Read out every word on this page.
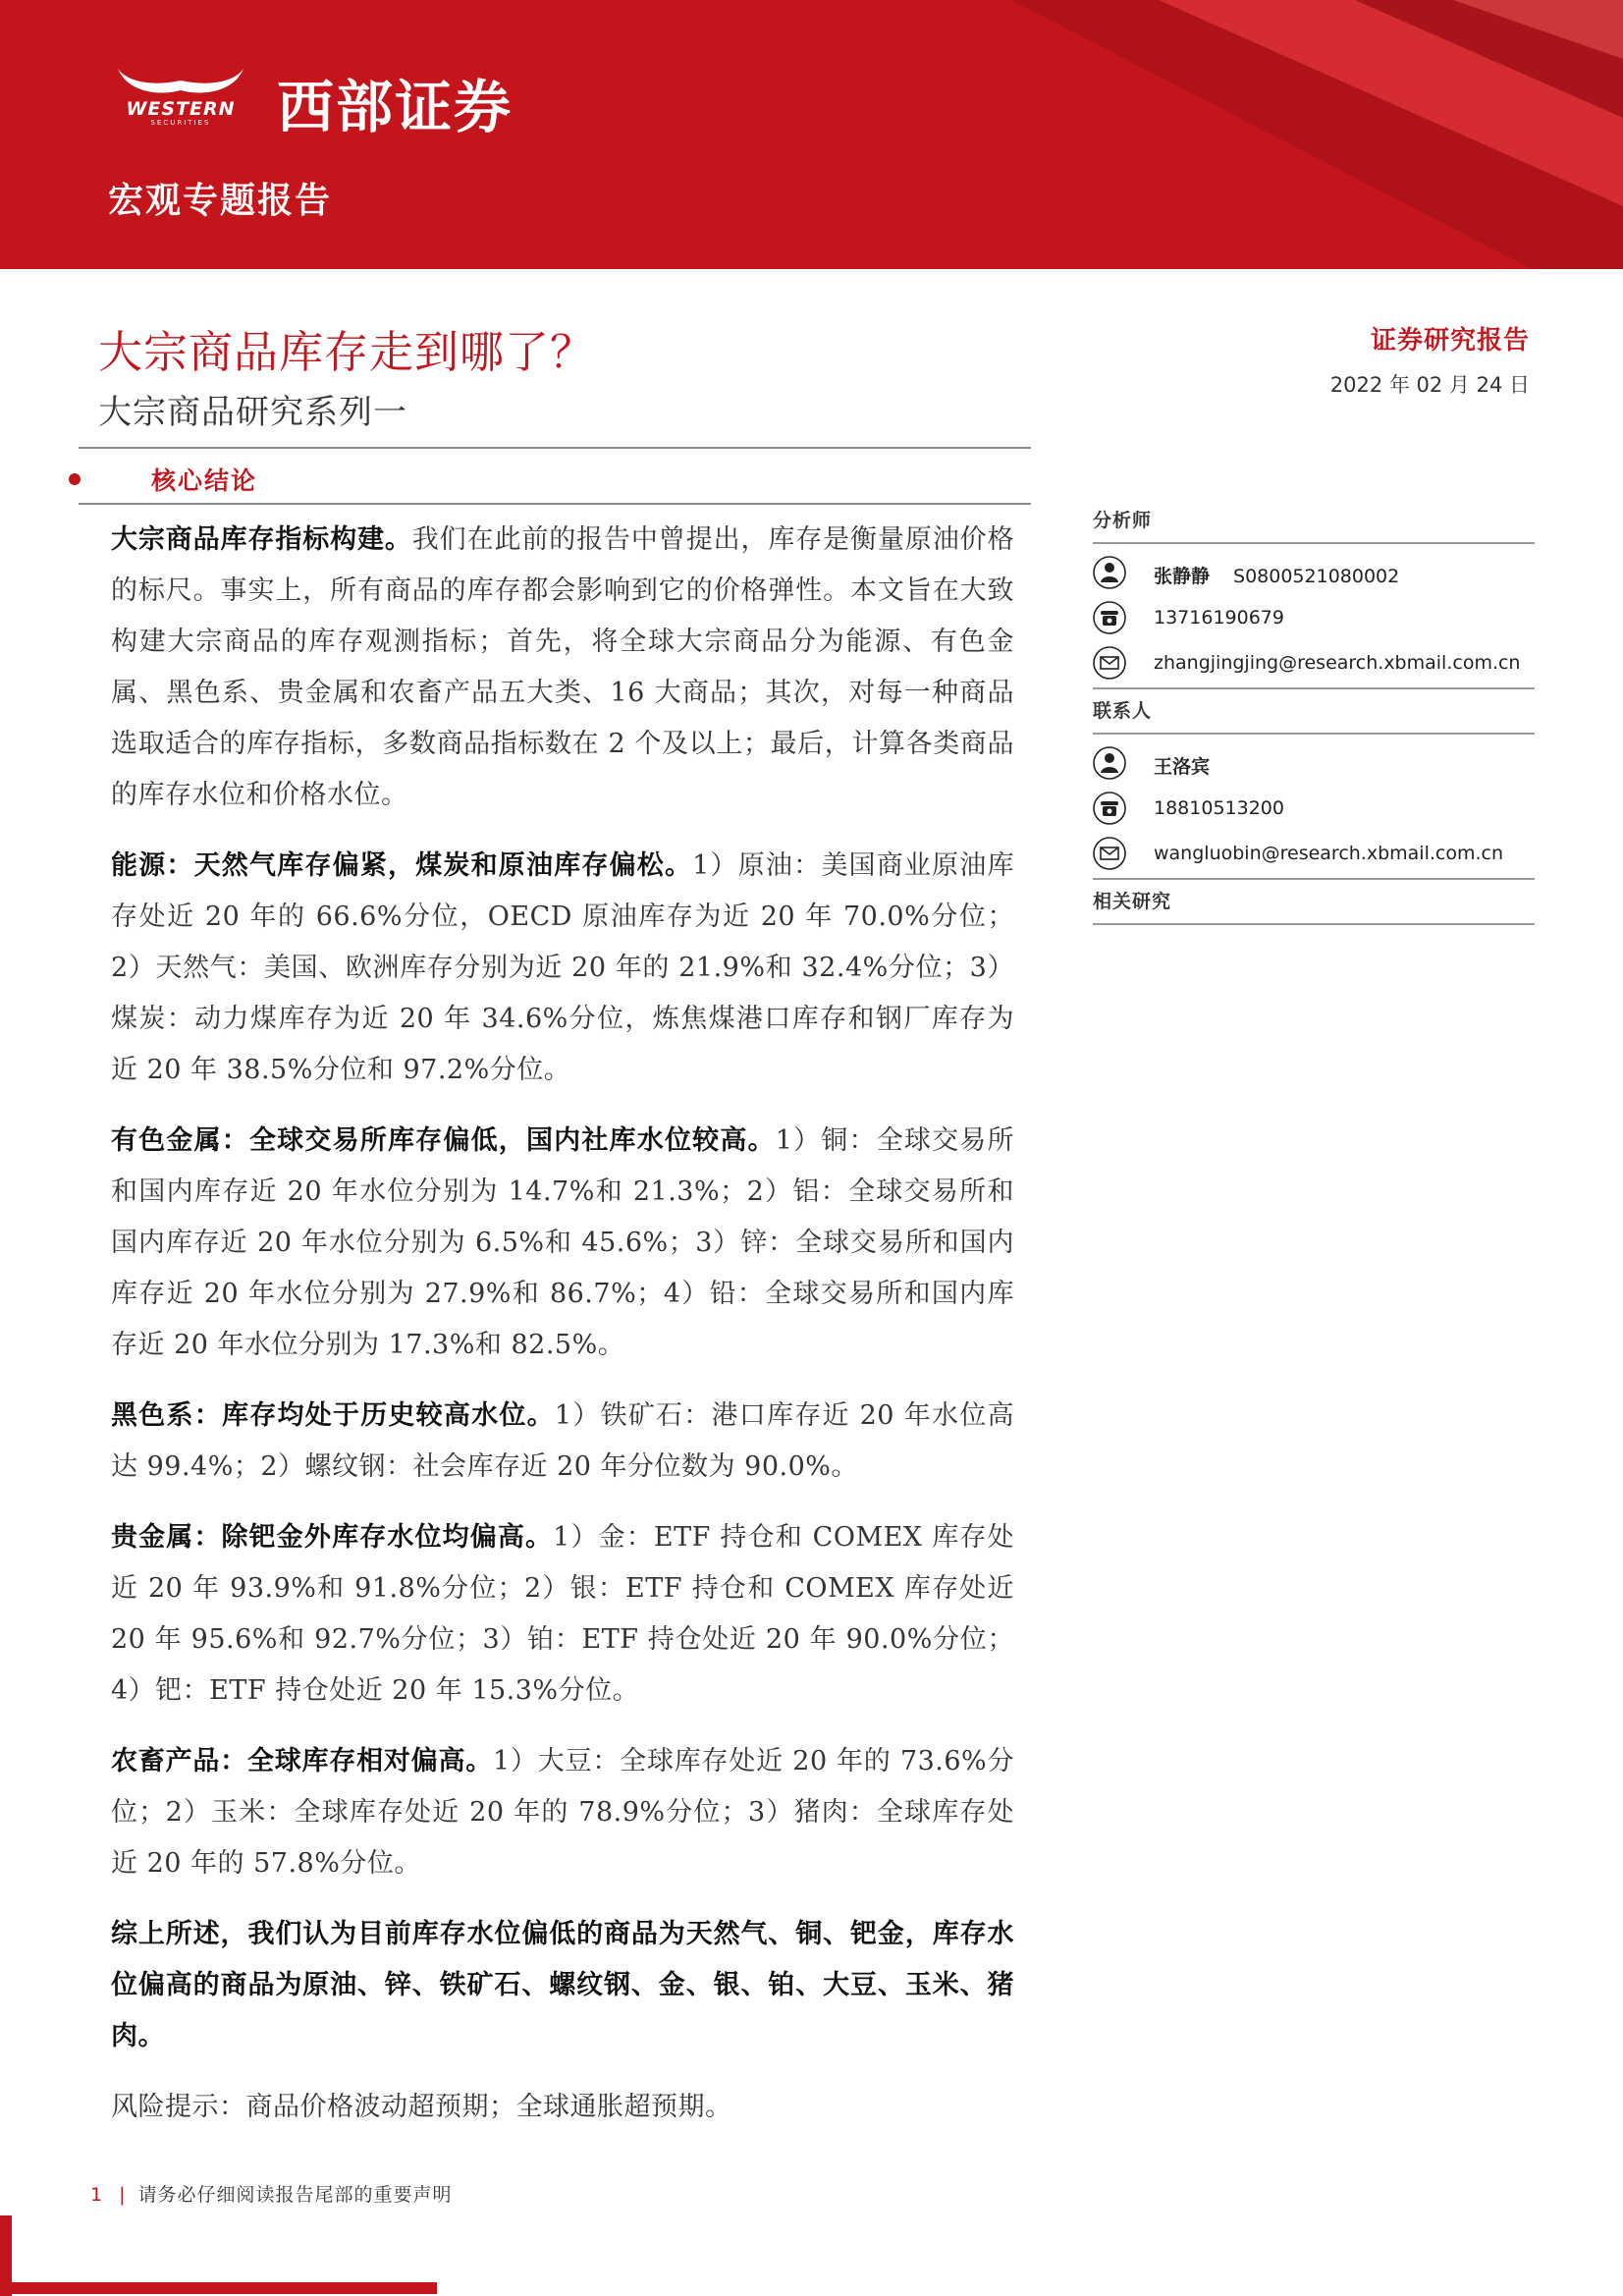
WESTERN
SECURITIES	西部证券
宏观专题报告
大宗商品库存走到哪了？
大宗商品研究系列一
证券研究报告
2022 年 02 月 24 日
核心结论

大宗商品库存指标构建。我们在此前的报告中曾提出，库存是衡量原油价格的标尺。事实上，所有商品的库存都会影响到它的价格弹性。本文旨在大致构建大宗商品的库存观测指标；首先，将全球大宗商品分为能源、有色金属、黑色系、贵金属和农畜产品五大类、16 大商品；其次，对每一种商品选取适合的库存指标，多数商品指标数在 2 个及以上；最后，计算各类商品的库存水位和价格水位。

能源：天然气库存偏紧，煤炭和原油库存偏松。1）原油：美国商业原油库存处近 20 年的 66.6%分位，OECD 原油库存为近 20 年 70.0%分位；2）天然气：美国、欧洲库存分别为近 20 年的 21.9%和 32.4%分位；3）煤炭：动力煤库存为近 20 年 34.6%分位，炼焦煤港口库存和钢厂库存为近 20 年 38.5%分位和 97.2%分位。

有色金属：全球交易所库存偏低，国内社库水位较高。1）铜：全球交易所和国内库存近 20 年水位分别为 14.7%和 21.3%；2）铝：全球交易所和国内库存近 20 年水位分别为 6.5%和 45.6%；3）锌：全球交易所和国内库存近 20 年水位分别为 27.9%和 86.7%；4）铅：全球交易所和国内库存近 20 年水位分别为 17.3%和 82.5%。

黑色系：库存均处于历史较高水位。1）铁矿石：港口库存近 20 年水位高达 99.4%；2）螺纹钢：社会库存近 20 年分位数为 90.0%。

贵金属：除钯金外库存水位均偏高。1）金：ETF 持仓和 COMEX 库存处近 20 年 93.9%和 91.8%分位；2）银：ETF 持仓和 COMEX 库存处近 20 年 95.6%和 92.7%分位；3）铂：ETF 持仓处近 20 年 90.0%分位；4）钯：ETF 持仓处近 20 年 15.3%分位。

农畜产品：全球库存相对偏高。1）大豆：全球库存处近 20 年的 73.6%分位；2）玉米：全球库存处近 20 年的 78.9%分位；3）猪肉：全球库存处近 20 年的 57.8%分位。

综上所述，我们认为目前库存水位偏低的商品为天然气、铜、钯金，库存水位偏高的商品为原油、锌、铁矿石、螺纹钢、金、银、铂、大豆、玉米、猪肉。

风险提示：商品价格波动超预期；全球通胀超预期。
分析师
张静静 S0800521080002
13716190679
zhangjingjing@research.xbmail.com.cn
联系人
王洛宾
18810513200
wangluobin@research.xbmail.com.cn
相关研究
1 | 请务必仔细阅读报告尾部的重要声明
